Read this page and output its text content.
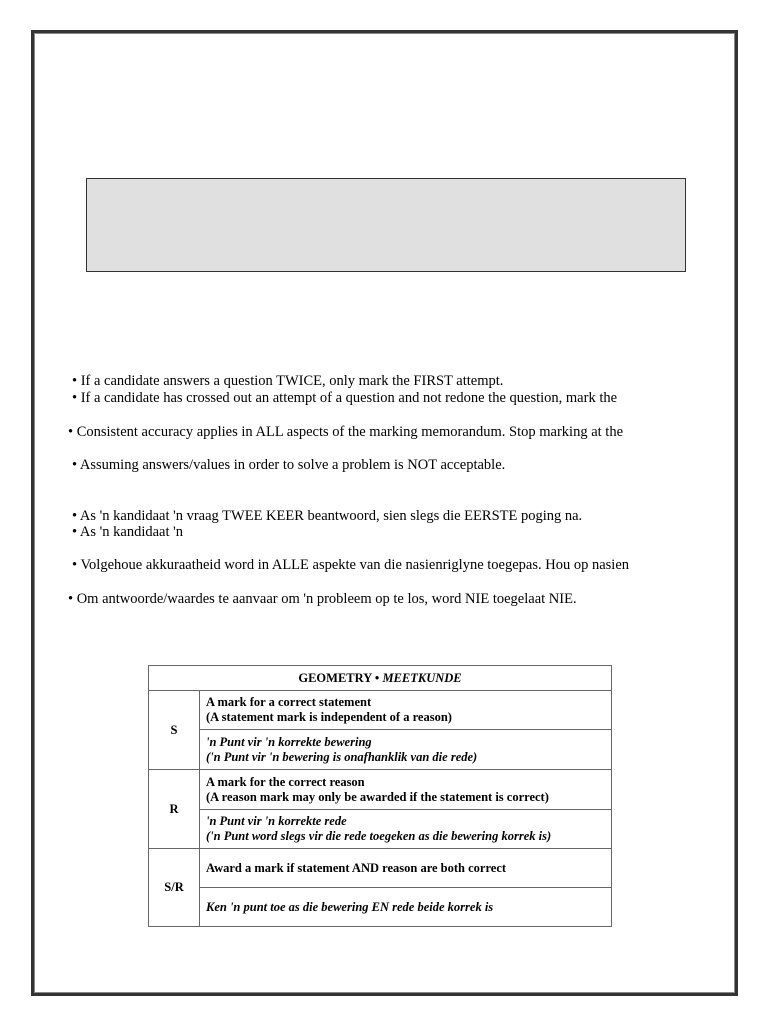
• If a candidate answers a question TWICE, only mark the FIRST attempt.
• If a candidate has crossed out an attempt of a question and not redone the question, mark the
• Consistent accuracy applies in ALL aspects of the marking memorandum. Stop marking at the
• Assuming answers/values in order to solve a problem is NOT acceptable.
• As 'n kandidaat 'n vraag TWEE KEER beantwoord, sien slegs die EERSTE poging na.
• As 'n kandidaat 'n
• Volgehoue akkuraatheid word in ALLE aspekte van die nasienriglyne toegepas. Hou op nasien
• Om antwoorde/waardes te aanvaar om 'n probleem op te los, word NIE toegelaat NIE.
GEOMETRY • MEETKUNDE	
S	A mark for a correct statement
(A statement mark is independent of a reason)

	'n Punt vir 'n korrekte bewering
('n Punt vir 'n bewering is onafhanklik van die rede)

R	A mark for the correct reason
(A reason mark may only be awarded if the statement is correct)

	'n Punt vir 'n korrekte rede
('n Punt word slegs vir die rede toegeken as die bewering korrek is)

S/R	Award a mark if statement AND reason are both correct

	Ken 'n punt toe as die bewering EN rede beide korrek is
